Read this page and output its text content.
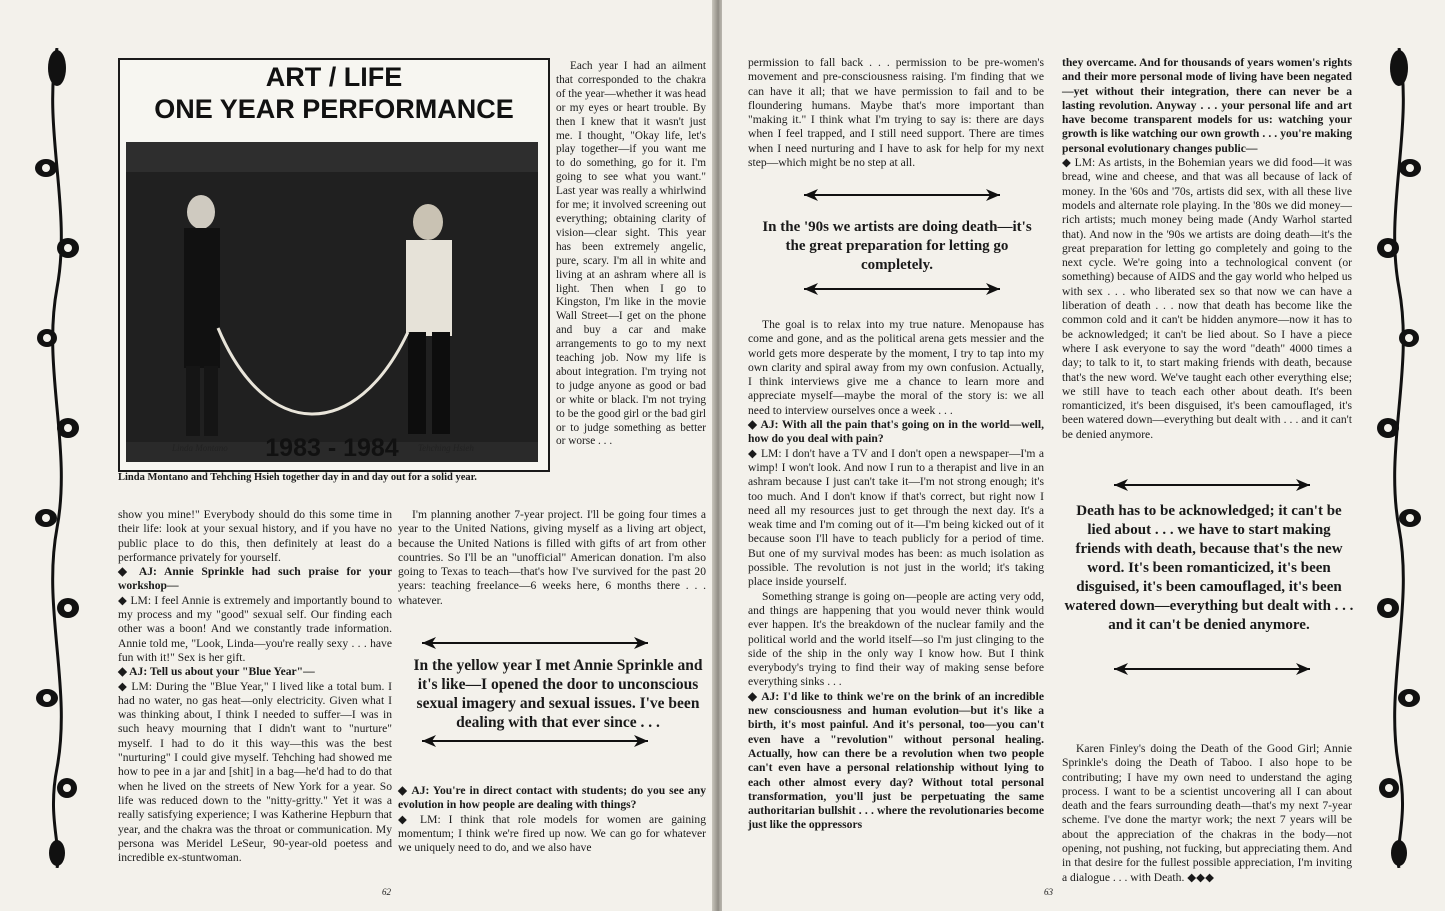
ART / LIFE
ONE YEAR PERFORMANCE
Linda Montano	Tehching Hsieh
1983 - 1984
Linda Montano and Tehching Hsieh together day in and day out for a solid year.

Each year I had an ailment that corresponded to the chakra of the year—whether it was head or my eyes or heart trouble. By then I knew that it wasn't just me. I thought, "Okay life, let's play together—if you want me to do something, go for it. I'm going to see what you want." Last year was really a whirlwind for me; it involved screening out everything; obtaining clarity of vision—clear sight. This year has been extremely angelic, pure, scary. I'm all in white and living at an ashram where all is light. Then when I go to Kingston, I'm like in the movie Wall Street—I get on the phone and buy a car and make arrangements to go to my next teaching job. Now my life is about integration. I'm trying not to judge anyone as good or bad or white or black. I'm not trying to be the good girl or the bad girl or to judge something as better or worse . . .

show you mine!" Everybody should do this some time in their life: look at your sexual history, and if you have no public place to do this, then definitely at least do a performance privately for yourself.

◆ AJ: Annie Sprinkle had such praise for your workshop—

◆ LM: I feel Annie is extremely and importantly bound to my process and my "good" sexual self. Our finding each other was a boon! And we constantly trade information. Annie told me, "Look, Linda—you're really sexy . . . have fun with it!" Sex is her gift.

◆ AJ: Tell us about your "Blue Year"—

◆ LM: During the "Blue Year," I lived like a total bum. I had no water, no gas heat—only electricity. Given what I was thinking about, I think I needed to suffer—I was in such heavy mourning that I didn't want to "nurture" myself. I had to do it this way—this was the best "nurturing" I could give myself. Tehching had showed me how to pee in a jar and [shit] in a bag—he'd had to do that when he lived on the streets of New York for a year. So life was reduced down to the "nitty-gritty." Yet it was a really satisfying experience; I was Katherine Hepburn that year, and the chakra was the throat or communication. My persona was Meridel LeSeur, 90-year-old poetess and incredible ex-stuntwoman.

I'm planning another 7-year project. I'll be going four times a year to the United Nations, giving myself as a living art object, because the United Nations is filled with gifts of art from other countries. So I'll be an "unofficial" American donation. I'm also going to Texas to teach—that's how I've survived for the past 20 years: teaching freelance—6 weeks here, 6 months there . . . whatever.

In the yellow year I met Annie Sprinkle and it's like—I opened the door to unconscious sexual imagery and sexual issues. I've been dealing with that ever since . . .

◆ AJ: You're in direct contact with students; do you see any evolution in how people are dealing with things?

◆ LM: I think that role models for women are gaining momentum; I think we're fired up now. We can go for whatever we uniquely need to do, and we also have

62

permission to fall back . . . permission to be pre-women's movement and pre-consciousness raising. I'm finding that we can have it all; that we have permission to fail and to be floundering humans. Maybe that's more important than "making it." I think what I'm trying to say is: there are days when I feel trapped, and I still need support. There are times when I need nurturing and I have to ask for help for my next step—which might be no step at all.

In the '90s we artists are doing death—it's the great preparation for letting go completely.

The goal is to relax into my true nature. Menopause has come and gone, and as the political arena gets messier and the world gets more desperate by the moment, I try to tap into my own clarity and spiral away from my own confusion. Actually, I think interviews give me a chance to learn more and appreciate myself—maybe the moral of the story is: we all need to interview ourselves once a week . . .

◆ AJ: With all the pain that's going on in the world—well, how do you deal with pain?

◆ LM: I don't have a TV and I don't open a newspaper—I'm a wimp! I won't look. And now I run to a therapist and live in an ashram because I just can't take it—I'm not strong enough; it's too much. And I don't know if that's correct, but right now I need all my resources just to get through the next day. It's a weak time and I'm coming out of it—I'm being kicked out of it because soon I'll have to teach publicly for a period of time. But one of my survival modes has been: as much isolation as possible. The revolution is not just in the world; it's taking place inside yourself.

Something strange is going on—people are acting very odd, and things are happening that you would never think would ever happen. It's the breakdown of the nuclear family and the political world and the world itself—so I'm just clinging to the side of the ship in the only way I know how. But I think everybody's trying to find their way of making sense before everything sinks . . .

◆ AJ: I'd like to think we're on the brink of an incredible new consciousness and human evolution—but it's like a birth, it's most painful. And it's personal, too—you can't even have a "revolution" without personal healing. Actually, how can there be a revolution when two people can't even have a personal relationship without lying to each other almost every day? Without total personal transformation, you'll just be perpetuating the same authoritarian bullshit . . . where the revolutionaries become just like the oppressors

they overcame. And for thousands of years women's rights and their more personal mode of living have been negated—yet without their integration, there can never be a lasting revolution. Anyway . . . your personal life and art have become transparent models for us: watching your growth is like watching our own growth . . . you're making personal evolutionary changes public—

◆ LM: As artists, in the Bohemian years we did food—it was bread, wine and cheese, and that was all because of lack of money. In the '60s and '70s, artists did sex, with all these live models and alternate role playing. In the '80s we did money—rich artists; much money being made (Andy Warhol started that). And now in the '90s we artists are doing death—it's the great preparation for letting go completely and going to the next cycle. We're going into a technological convent (or something) because of AIDS and the gay world who helped us with sex . . . who liberated sex so that now we can have a liberation of death . . . now that death has become like the common cold and it can't be hidden anymore—now it has to be acknowledged; it can't be lied about. So I have a piece where I ask everyone to say the word "death" 4000 times a day; to talk to it, to start making friends with death, because that's the new word. We've taught each other everything else; we still have to teach each other about death. It's been romanticized, it's been disguised, it's been camouflaged, it's been watered down—everything but dealt with . . . and it can't be denied anymore.

Death has to be acknowledged; it can't be lied about . . . we have to start making friends with death, because that's the new word. It's been romanticized, it's been disguised, it's been camouflaged, it's been watered down—everything but dealt with . . . and it can't be denied anymore.

Karen Finley's doing the Death of the Good Girl; Annie Sprinkle's doing the Death of Taboo. I also hope to be contributing; I have my own need to understand the aging process. I want to be a scientist uncovering all I can about death and the fears surrounding death—that's my next 7-year scheme. I've done the martyr work; the next 7 years will be about the appreciation of the chakras in the body—not opening, not pushing, not fucking, but appreciating them. And in that desire for the fullest possible appreciation, I'm inviting a dialogue . . . with Death. ◆◆◆

63
